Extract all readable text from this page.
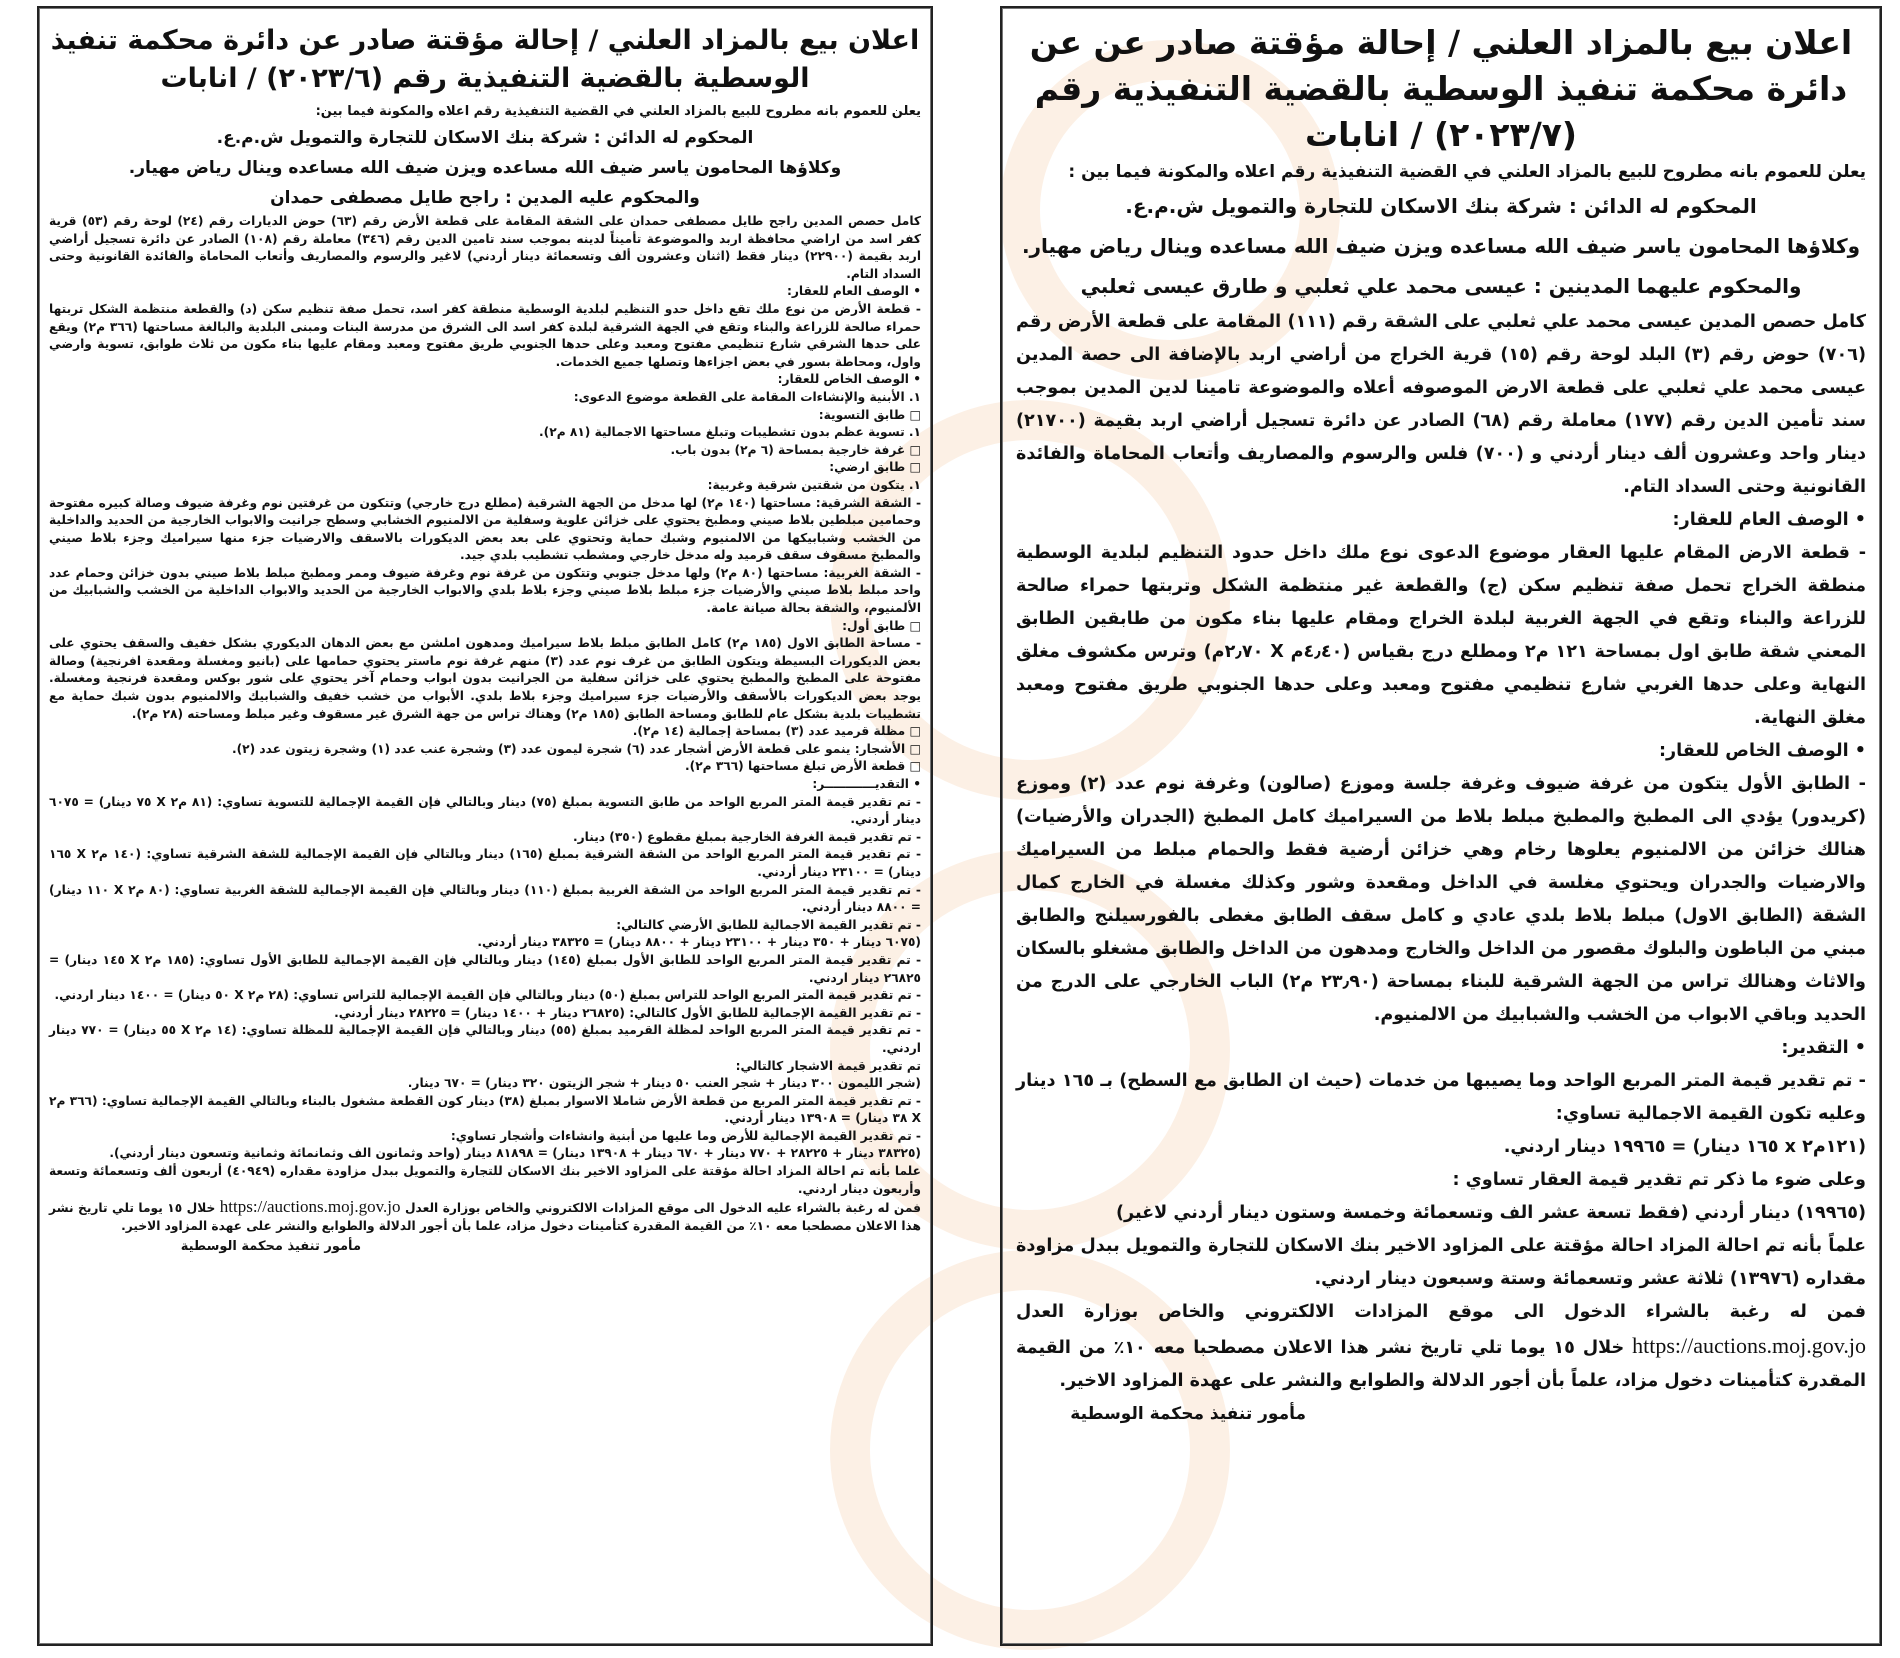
اعلان بيع بالمزاد العلني / إحالة مؤقتة صادر عن دائرة محكمة تنفيذ الوسطية بالقضية التنفيذية رقم (٢٠٢٣/٦) / انابات
يعلن للعموم بانه مطروح للبيع بالمزاد العلني في القضية التنفيذية رقم اعلاه والمكونة فيما بين:
المحكوم له الدائن : شركة بنك الاسكان للتجارة والتمويل ش.م.ع.
وكلاؤها المحامون ياسر ضيف الله مساعده ويزن ضيف الله مساعده وينال رياض مهيار.
والمحكوم عليه المدين : راجح طايل مصطفى حمدان

كامل حصص المدين راجح طايل مصطفى حمدان على الشقة المقامة على قطعة الأرض رقم (٦٣) حوض الديارات رقم (٢٤) لوحة رقم (٥٣) قرية كفر اسد من اراضي محافظة اربد والموضوعة تأميناً لدينه بموجب سند تامين الدين رقم (٣٤٦) معاملة رقم (١٠٨) الصادر عن دائرة تسجيل أراضي اربد بقيمة (٢٢٩٠٠) دينار فقط (اثنان وعشرون ألف وتسعمائة دينار أردني) لاغير والرسوم والمصاريف وأتعاب المحاماة والفائدة القانونية وحتى السداد التام.

• الوصف العام للعقار:

- قطعة الأرض من نوع ملك تقع داخل حدو التنظيم لبلدية الوسطية منطقة كفر اسد، تحمل صفة تنظيم سكن (د) والقطعة منتظمة الشكل تربتها حمراء صالحة للزراعة والبناء وتقع في الجهة الشرقية لبلدة كفر اسد الى الشرق من مدرسة البنات ومبنى البلدية والبالغة مساحتها (٣٦٦ م٢) ويقع على حدها الشرقي شارع تنظيمي مفتوح ومعبد وعلى حدها الجنوبي طريق مفتوح ومعبد ومقام عليها بناء مكون من ثلاث طوابق، تسوية وارضي واول، ومحاطة بسور في بعض اجزاءها وتصلها جميع الخدمات.

• الوصف الخاص للعقار:

١. الأبنية والإنشاءات المقامة على القطعة موضوع الدعوى:

□ طابق التسوية:

١. تسوية عظم بدون تشطيبات وتبلغ مساحتها الاجمالية (٨١ م٢).

□ غرفة خارجية بمساحة (٦ م٢) بدون باب.

□ طابق ارضي:

١. يتكون من شقتين شرقية وغربية:

- الشقة الشرقية: مساحتها (١٤٠ م٢) لها مدخل من الجهة الشرقية (مطلع درج خارجي) وتتكون من غرفتين نوم وغرفة ضيوف وصالة كبيره مفتوحة وحمامين مبلطين بلاط صيني ومطبخ يحتوي على خزائن علوية وسفلية من الالمنيوم الخشابي وسطح جرانيت والابواب الخارجية من الحديد والداخلية من الخشب وشبابيكها من الالمنيوم وشبك حماية وتحتوي على بعد بعض الديكورات بالاسقف والارضيات جزء منها سيراميك وجزء بلاط صيني والمطبخ مسقوف سقف قرميد وله مدخل خارجي ومشطب تشطيب بلدي جيد.

- الشقة الغربية: مساحتها (٨٠ م٢) ولها مدخل جنوبي وتتكون من غرفة نوم وغرفة ضيوف وممر ومطبخ مبلط بلاط صيني بدون خزائن وحمام عدد واحد مبلط بلاط صيني والأرضيات جزء مبلط بلاط صيني وجزء بلاط بلدي والابواب الخارجية من الحديد والابواب الداخلية من الخشب والشبابيك من الألمنيوم، والشقة بحالة صيانة عامة.

□ طابق أول:

- مساحة الطابق الاول (١٨٥ م٢) كامل الطابق مبلط بلاط سيراميك ومدهون املشن مع بعض الدهان الديكوري بشكل خفيف والسقف يحتوي على بعض الديكورات البسيطة ويتكون الطابق من غرف نوم عدد (٣) منهم غرفة نوم ماستر يحتوي حمامها على (بانيو ومغسلة ومقعدة افرنجية) وصالة مفتوحة على المطبخ والمطبخ يحتوي على خزائن سفلية من الجرانيت بدون ابواب وحمام آخر يحتوي على شور بوكس ومقعدة فرنجية ومغسلة. يوجد بعض الديكورات بالأسقف والأرضيات جزء سيراميك وجزء بلاط بلدي. الأبواب من خشب خفيف والشبابيك والالمنيوم بدون شبك حماية مع تشطيبات بلدية بشكل عام للطابق ومساحة الطابق (١٨٥ م٢) وهناك تراس من جهة الشرق غير مسقوف وغير مبلط ومساحته (٢٨ م٢).

□ مظلة قرميد عدد (٣) بمساحة إجمالية (١٤ م٢).

□ الأشجار: ينمو على قطعة الأرض أشجار عدد (٦) شجرة ليمون عدد (٣) وشجرة عنب عدد (١) وشجرة زيتون عدد (٢).

□ قطعة الأرض تبلغ مساحتها (٣٦٦ م٢).

• التقديــــــــــــر:

- تم تقدير قيمة المتر المربع الواحد من طابق التسوية بمبلغ (٧٥) دينار وبالتالي فإن القيمة الإجمالية للتسوية تساوي: (٨١ م٢ X ٧٥ دينار) = ٦٠٧٥ دينار أردني.

- تم تقدير قيمة الغرفة الخارجية بمبلغ مقطوع (٣٥٠) دينار.

- تم تقدير قيمة المتر المربع الواحد من الشقة الشرقية بمبلغ (١٦٥) دينار وبالتالي فإن القيمة الإجمالية للشقة الشرقية تساوي: (١٤٠ م٢ X ١٦٥ دينار) = ٢٣١٠٠ دينار أردني.

- تم تقدير قيمة المتر المربع الواحد من الشقة الغربية بمبلغ (١١٠) دينار وبالتالي فإن القيمة الإجمالية للشقة الغربية تساوي: (٨٠ م٢ X ١١٠ دينار) = ٨٨٠٠ دينار أردني.

- تم تقدير القيمة الاجمالية للطابق الأرضي كالتالي:

(٦٠٧٥ دينار + ٣٥٠ دينار + ٢٣١٠٠ دينار + ٨٨٠٠ دينار) = ٣٨٣٢٥ دينار أردني.

- تم تقدير قيمة المتر المربع الواحد للطابق الأول بمبلغ (١٤٥) دينار وبالتالي فإن القيمة الإجمالية للطابق الأول تساوي: (١٨٥ م٢ X ١٤٥ دينار) = ٢٦٨٢٥ دينار اردني.

- تم تقدير قيمة المتر المربع الواحد للتراس بمبلغ (٥٠) دينار وبالتالي فإن القيمة الإجمالية للتراس تساوي: (٢٨ م٢ X ٥٠ دينار) = ١٤٠٠ دينار اردني.

- تم تقدير القيمة الإجمالية للطابق الأول كالتالي: (٢٦٨٢٥ دينار + ١٤٠٠ دينار) = ٢٨٢٢٥ دينار أردني.

- تم تقدير قيمة المتر المربع الواحد لمظلة القرميد بمبلغ (٥٥) دينار وبالتالي فإن القيمة الإجمالية للمظلة تساوي: (١٤ م٢ X ٥٥ دينار) = ٧٧٠ دينار اردني.

تم تقدير قيمة الاشجار كالتالي:

(شجر الليمون ٣٠٠ دينار + شجر العنب ٥٠ دينار + شجر الزيتون ٣٢٠ دينار) = ٦٧٠ دينار.

- تم تقدير قيمة المتر المربع من قطعة الأرض شاملا الاسوار بمبلغ (٣٨) دينار كون القطعة مشغول بالبناء وبالتالي القيمة الإجمالية تساوي: (٣٦٦ م٢ X ٣٨ دينار) = ١٣٩٠٨ دينار أردني.

- تم تقدير القيمة الإجمالية للأرض وما عليها من أبنية وانشاءات وأشجار تساوي:

(٣٨٣٢٥ دينار + ٢٨٢٢٥ + ٧٧٠ دينار + ٦٧٠ دينار + ١٣٩٠٨ دينار) = ٨١٨٩٨ دينار (واحد وثمانون الف وثمانمائة وثمانية وتسعون دينار أردني).

علما بأنه تم احالة المزاد احالة مؤقتة على المزاود الاخير بنك الاسكان للتجارة والتمويل ببدل مزاودة مقداره (٤٠٩٤٩) أربعون ألف وتسعمائة وتسعة وأربعون دينار اردني.

فمن له رغبة بالشراء عليه الدخول الى موقع المزادات الالكتروني والخاص بوزارة العدل https://auctions.moj.gov.jo خلال ١٥ يوما تلي تاريخ نشر هذا الاعلان مصطحبا معه ١٠٪ من القيمة المقدرة كتأمينات دخول مزاد، علما بأن أجور الدلالة والطوابع والنشر على عهدة المزاود الاخير.

مأمور تنفيذ محكمة الوسطية
اعلان بيع بالمزاد العلني / إحالة مؤقتة صادر عن عن دائرة محكمة تنفيذ الوسطية بالقضية التنفيذية رقم (٢٠٢٣/٧) / انابات
يعلن للعموم بانه مطروح للبيع بالمزاد العلني في القضية التنفيذية رقم اعلاه والمكونة فيما بين :
المحكوم له الدائن : شركة بنك الاسكان للتجارة والتمويل ش.م.ع.
وكلاؤها المحامون ياسر ضيف الله مساعده ويزن ضيف الله مساعده وينال رياض مهيار.
والمحكوم عليهما المدينين : عيسى محمد علي ثعلبي و طارق عيسى ثعلبي

كامل حصص المدين عيسى محمد علي ثعلبي على الشقة رقم (١١١) المقامة على قطعة الأرض رقم (٧٠٦) حوض رقم (٣) البلد لوحة رقم (١٥) قرية الخراج من أراضي اربد بالإضافة الى حصة المدين عيسى محمد علي ثعلبي على قطعة الارض الموصوفه أعلاه والموضوعة تامينا لدين المدين بموجب سند تأمين الدين رقم (١٧٧) معاملة رقم (٦٨) الصادر عن دائرة تسجيل أراضي اربد بقيمة (٢١٧٠٠) دينار واحد وعشرون ألف دينار أردني و (٧٠٠) فلس والرسوم والمصاريف وأتعاب المحاماة والفائدة القانونية وحتى السداد التام.

• الوصف العام للعقار:

- قطعة الارض المقام عليها العقار موضوع الدعوى نوع ملك داخل حدود التنظيم لبلدية الوسطية منطقة الخراج تحمل صفة تنظيم سكن (ج) والقطعة غير منتظمة الشكل وتربتها حمراء صالحة للزراعة والبناء وتقع في الجهة الغربية لبلدة الخراج ومقام عليها بناء مكون من طابقين الطابق المعني شقة طابق اول بمساحة ١٢١ م٢ ومطلع درج بقياس (٤٫٤٠م X ٢٫٧٠م) وترس مكشوف مغلق النهاية وعلى حدها الغربي شارع تنظيمي مفتوح ومعبد وعلى حدها الجنوبي طريق مفتوح ومعبد مغلق النهاية.

• الوصف الخاص للعقار:

- الطابق الأول يتكون من غرفة ضيوف وغرفة جلسة وموزع (صالون) وغرفة نوم عدد (٢) وموزع (كريدور) يؤدي الى المطبخ والمطبخ مبلط بلاط من السيراميك كامل المطبخ (الجدران والأرضيات) هنالك خزائن من الالمنيوم يعلوها رخام وهي خزائن أرضية فقط والحمام مبلط من السيراميك والارضيات والجدران ويحتوي مغلسة في الداخل ومقعدة وشور وكذلك مغسلة في الخارج كمال الشقة (الطابق الاول) مبلط بلاط بلدي عادي و كامل سقف الطابق مغطى بالفورسيلنج والطابق مبني من الباطون والبلوك مقصور من الداخل والخارج ومدهون من الداخل والطابق مشغلو بالسكان والاثاث وهنالك تراس من الجهة الشرقية للبناء بمساحة (٢٣٫٩٠ م٢) الباب الخارجي على الدرج من الحديد وباقي الابواب من الخشب والشبابيك من الالمنيوم.

• التقدير:

- تم تقدير قيمة المتر المربع الواحد وما يصيبها من خدمات (حيث ان الطابق مع السطح) بـ ١٦٥ دينار وعليه تكون القيمة الاجمالية تساوي:

(١٢١م٢ x ١٦٥ دينار) = ١٩٩٦٥ دينار اردني.

وعلى ضوء ما ذكر تم تقدير قيمة العقار تساوي :

(١٩٩٦٥) دينار أردني (فقط تسعة عشر الف وتسعمائة وخمسة وستون دينار أردني لاغير)

علماً بأنه تم احالة المزاد احالة مؤقتة على المزاود الاخير بنك الاسكان للتجارة والتمويل ببدل مزاودة مقداره (١٣٩٧٦) ثلاثة عشر وتسعمائة وستة وسبعون دينار اردني.

فمن له رغبة بالشراء الدخول الى موقع المزادات الالكتروني والخاص بوزارة العدل https://auctions.moj.gov.jo خلال ١٥ يوما تلي تاريخ نشر هذا الاعلان مصطحبا معه ١٠٪ من القيمة المقدرة كتأمينات دخول مزاد، علماً بأن أجور الدلالة والطوابع والنشر على عهدة المزاود الاخير.

مأمور تنفيذ محكمة الوسطية
